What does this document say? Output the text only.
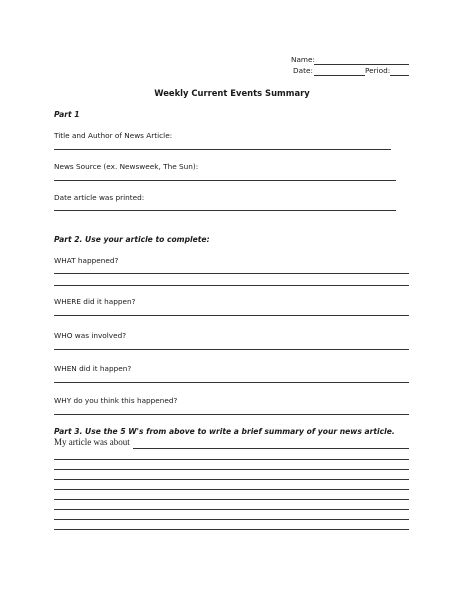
Name:
Date:	Period:
Weekly Current Events Summary
Part 1
Title and Author of News Article:
News Source (ex. Newsweek, The Sun):
Date article was printed:
Part 2. Use your article to complete:
WHAT happened?
WHERE did it happen?
WHO was involved?
WHEN did it happen?
WHY do you think this happened?
Part 3. Use the 5 W's from above to write a brief summary of your news article.
My article was about
